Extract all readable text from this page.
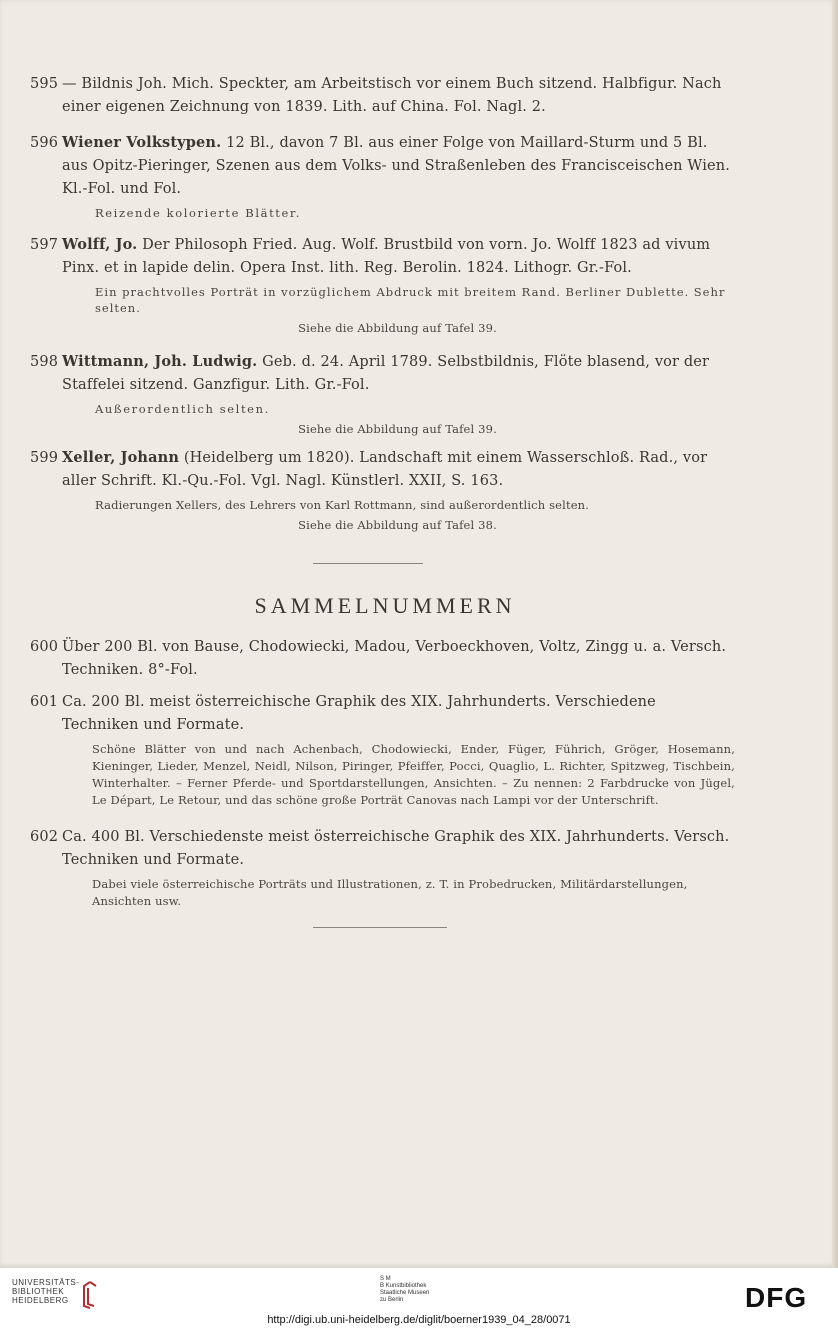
595 — Bildnis Joh. Mich. Speckter, am Arbeitstisch vor einem Buch sitzend. Halbfigur. Nach einer eigenen Zeichnung von 1839. Lith. auf China. Fol. Nagl. 2.
596 Wiener Volkstypen. 12 Bl., davon 7 Bl. aus einer Folge von Maillard-Sturm und 5 Bl. aus Opitz-Pieringer, Szenen aus dem Volks- und Straßenleben des Francisceischen Wien. Kl.-Fol. und Fol.
Reizende kolorierte Blätter.
597 Wolff, Jo. Der Philosoph Fried. Aug. Wolf. Brustbild von vorn. Jo. Wolff 1823 ad vivum Pinx. et in lapide delin. Opera Inst. lith. Reg. Berolin. 1824. Lithogr. Gr.-Fol.
Ein prachtvolles Porträt in vorzüglichem Abdruck mit breitem Rand. Berliner Dublette. Sehr selten.
Siehe die Abbildung auf Tafel 39.
598 Wittmann, Joh. Ludwig. Geb. d. 24. April 1789. Selbstbildnis, Flöte blasend, vor der Staffelei sitzend. Ganzfigur. Lith. Gr.-Fol.
Außerordentlich selten.
Siehe die Abbildung auf Tafel 39.
599 Xeller, Johann (Heidelberg um 1820). Landschaft mit einem Wasserschloß. Rad., vor aller Schrift. Kl.-Qu.-Fol. Vgl. Nagl. Künstlerl. XXII, S. 163.
Radierungen Xellers, des Lehrers von Karl Rottmann, sind außerordentlich selten.
Siehe die Abbildung auf Tafel 38.
SAMMELNUMMERN
600 Über 200 Bl. von Bause, Chodowiecki, Madou, Verboeckhoven, Voltz, Zingg u. a. Versch. Techniken. 8°-Fol.
601 Ca. 200 Bl. meist österreichische Graphik des XIX. Jahrhunderts. Verschiedene Techniken und Formate.
Schöne Blätter von und nach Achenbach, Chodowiecki, Ender, Füger, Führich, Gröger, Hosemann, Kieninger, Lieder, Menzel, Neidl, Nilson, Piringer, Pfeiffer, Pocci, Quaglio, L. Richter, Spitzweg, Tischbein, Winterhalter. – Ferner Pferde- und Sportdarstellungen, Ansichten. – Zu nennen: 2 Farbdrucke von Jügel, Le Départ, Le Retour, und das schöne große Porträt Canovas nach Lampi vor der Unterschrift.
602 Ca. 400 Bl. Verschiedenste meist österreichische Graphik des XIX. Jahrhunderts. Versch. Techniken und Formate.
Dabei viele österreichische Porträts und Illustrationen, z. T. in Probedrucken, Militärdarstellungen, Ansichten usw.
UNIVERSITÄTS-
BIBLIOTHEK
HEIDELBERG
S M
B Kunstbibliothek
Staatliche Museen
zu Berlin	DFG
http://digi.ub.uni-heidelberg.de/diglit/boerner1939_04_28/0071
